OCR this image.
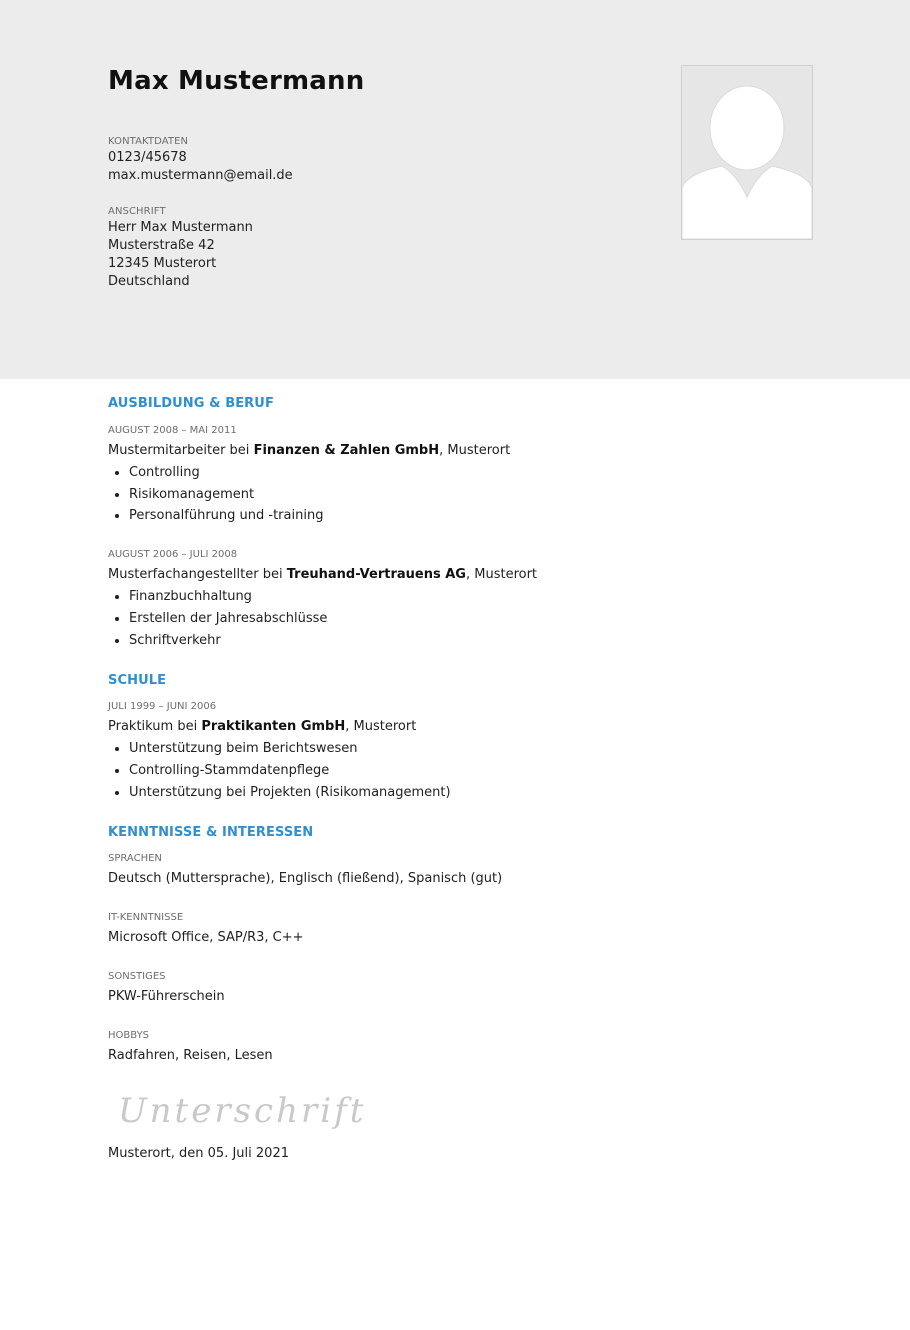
Max Mustermann
KONTAKTDATEN
0123/45678
max.mustermann@email.de
ANSCHRIFT
Herr Max Mustermann
Musterstraße 42
12345 Musterort
Deutschland
AUSBILDUNG & BERUF
AUGUST 2008 – MAI 2011
Mustermitarbeiter bei Finanzen & Zahlen GmbH, Musterort
• Controlling
• Risikomanagement
• Personalführung und -training
AUGUST 2006 – JULI 2008
Musterfachangestellter bei Treuhand-Vertrauens AG, Musterort
• Finanzbuchhaltung
• Erstellen der Jahresabschlüsse
• Schriftverkehr
SCHULE
JULI 1999 – JUNI 2006
Praktikum bei Praktikanten GmbH, Musterort
• Unterstützung beim Berichtswesen
• Controlling-Stammdatenpflege
• Unterstützung bei Projekten (Risikomanagement)
KENNTNISSE & INTERESSEN
SPRACHEN
Deutsch (Muttersprache), Englisch (fließend), Spanisch (gut)
IT-KENNTNISSE
Microsoft Office, SAP/R3, C++
SONSTIGES
PKW-Führerschein
HOBBYS
Radfahren, Reisen, Lesen
Unterschrift
Musterort, den 05. Juli 2021
